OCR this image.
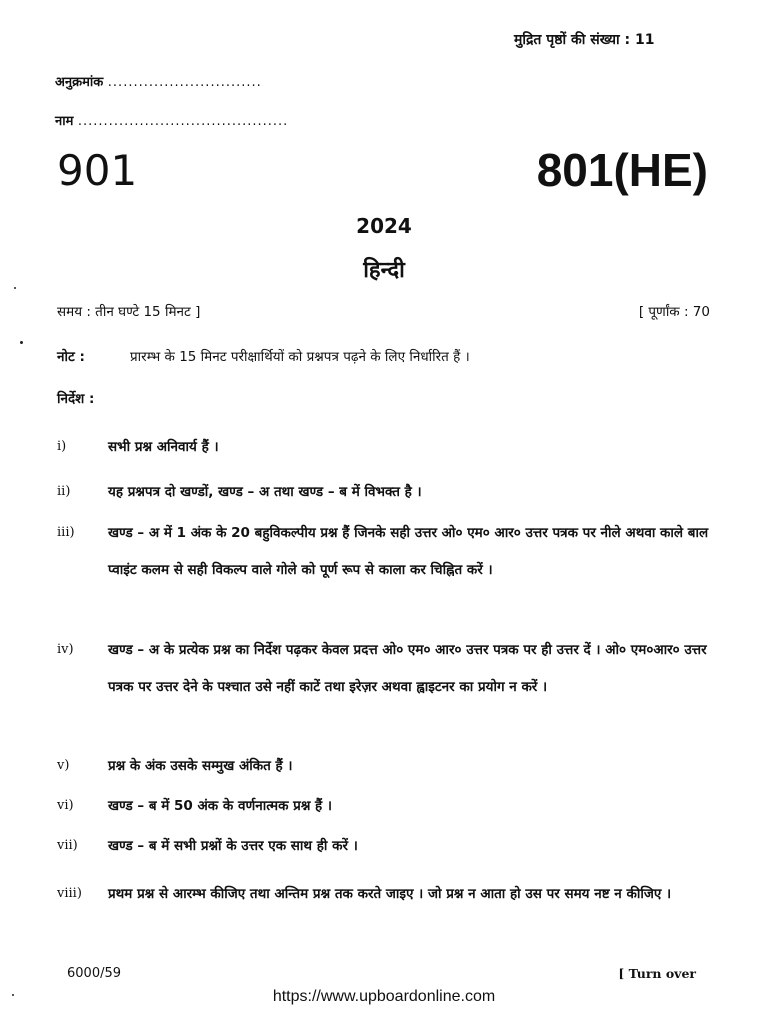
मुद्रित पृष्ठों की संख्या : 11
अनुक्रमांक ..............................
नाम .........................................
901	801(HE)
2024
हिन्दी
समय : तीन घण्टे 15 मिनट ]	[ पूर्णांक : 70
नोट :	प्रारम्भ के 15 मिनट परीक्षार्थियों को प्रश्नपत्र पढ़ने के लिए निर्धारित हैं ।
निर्देश :
i)	सभी प्रश्न अनिवार्य हैं ।
ii)	यह प्रश्नपत्र दो खण्डों, खण्ड – अ तथा खण्ड – ब में विभक्त है ।
iii) खण्ड – अ में 1 अंक के 20 बहुविकल्पीय प्रश्न हैं जिनके सही उत्तर ओ० एम० आर० उत्तर पत्रक पर नीले अथवा काले बाल प्वाइंट कलम से सही विकल्प वाले गोले को पूर्ण रूप से काला कर चिह्नित करें ।
iv)	खण्ड – अ के प्रत्येक प्रश्न का निर्देश पढ़कर केवल प्रदत्त ओ० एम० आर० उत्तर पत्रक पर ही उत्तर दें । ओ० एम०आर० उत्तर पत्रक पर उत्तर देने के पश्चात उसे नहीं काटें तथा इरेज़र अथवा ह्वाइटनर का प्रयोग न करें ।
v)	प्रश्न के अंक उसके सम्मुख अंकित हैं ।
vi)	खण्ड – ब में 50 अंक के वर्णनात्मक प्रश्न हैं ।
vii) खण्ड – ब में सभी प्रश्नों के उत्तर एक साथ ही करें ।
viii) प्रथम प्रश्न से आरम्भ कीजिए तथा अन्तिम प्रश्न तक करते जाइए । जो प्रश्न न आता हो उस पर समय नष्ट न कीजिए ।
6000/59	[ Turn over
https://www.upboardonline.com
